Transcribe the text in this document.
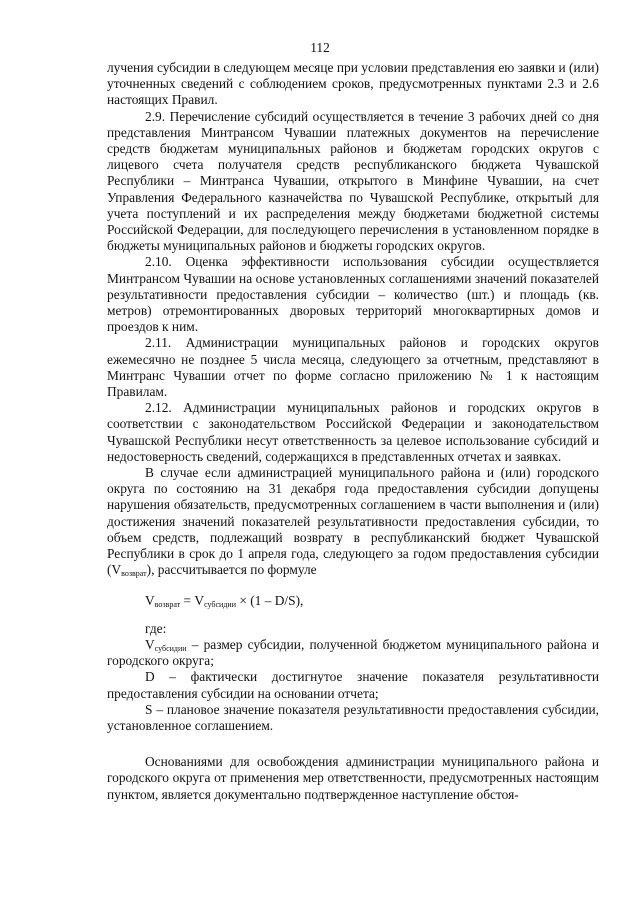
112

лучения субсидии в следующем месяце при условии представления ею заявки и (или) уточненных сведений с соблюдением сроков, предусмотренных пунктами 2.3 и 2.6 настоящих Правил.

2.9. Перечисление субсидий осуществляется в течение 3 рабочих дней со дня представления Минтрансом Чувашии платежных документов на перечисление средств бюджетам муниципальных районов и бюджетам городских округов с лицевого счета получателя средств республиканского бюджета Чувашской Республики – Минтранса Чувашии, открытого в Минфине Чувашии, на счет Управления Федерального казначейства по Чувашской Республике, открытый для учета поступлений и их распределения между бюджетами бюджетной системы Российской Федерации, для последующего перечисления в установленном порядке в бюджеты муниципальных районов и бюджеты городских округов.

2.10. Оценка эффективности использования субсидии осуществляется Минтрансом Чувашии на основе установленных соглашениями значений показателей результативности предоставления субсидии – количество (шт.) и площадь (кв. метров) отремонтированных дворовых территорий многоквартирных домов и проездов к ним.

2.11. Администрации муниципальных районов и городских округов ежемесячно не позднее 5 числа месяца, следующего за отчетным, представляют в Минтранс Чувашии отчет по форме согласно приложению № 1 к настоящим Правилам.

2.12. Администрации муниципальных районов и городских округов в соответствии с законодательством Российской Федерации и законодательством Чувашской Республики несут ответственность за целевое использование субсидий и недостоверность сведений, содержащихся в представленных отчетах и заявках.

В случае если администрацией муниципального района и (или) городского округа по состоянию на 31 декабря года предоставления субсидии допущены нарушения обязательств, предусмотренных соглашением в части выполнения и (или) достижения значений показателей результативности предоставления субсидии, то объем средств, подлежащий возврату в республиканский бюджет Чувашской Республики в срок до 1 апреля года, следующего за годом предоставления субсидии $(V_{возврат})$, рассчитывается по формуле

$V_{возврат} = V_{субсидии} \times (1 - D/S)$,

где:

$V_{субсидии}$ – размер субсидии, полученной бюджетом муниципального района и городского округа;

D – фактически достигнутое значение показателя результативности предоставления субсидии на основании отчета;

S – плановое значение показателя результативности предоставления субсидии, установленное соглашением.

Основаниями для освобождения администрации муниципального района и городского округа от применения мер ответственности, предусмотренных настоящим пунктом, является документально подтвержденное наступление обстоя-
